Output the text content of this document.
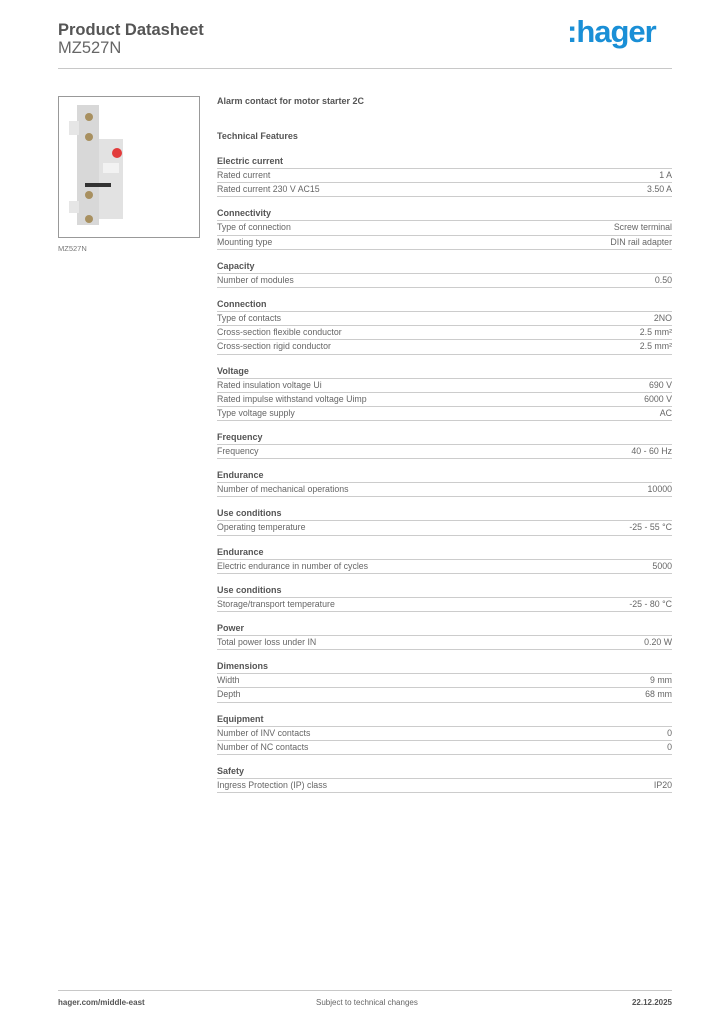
Product Datasheet
MZ527N	:hager
MZ527N
Alarm contact for motor starter 2C
Technical Features
Electric current
Rated current	1 A
Rated current 230 V AC15	3.50 A
Connectivity
Type of connection	Screw terminal
Mounting type	DIN rail adapter
Capacity
Number of modules	0.50
Connection
Type of contacts	2NO
Cross-section flexible conductor	2.5 mm²
Cross-section rigid conductor	2.5 mm²
Voltage
Rated insulation voltage Ui	690 V
Rated impulse withstand voltage Uimp	6000 V
Type voltage supply	AC
Frequency
Frequency	40 - 60 Hz
Endurance
Number of mechanical operations	10000
Use conditions
Operating temperature	-25 - 55 °C
Endurance
Electric endurance in number of cycles	5000
Use conditions
Storage/transport temperature	-25 - 80 °C
Power
Total power loss under IN	0.20 W
Dimensions
Width	9 mm
Depth	68 mm
Equipment
Number of INV contacts	0
Number of NC contacts	0
Safety
Ingress Protection (IP) class	IP20
hager.com/middle-east	Subject to technical changes	22.12.2025
